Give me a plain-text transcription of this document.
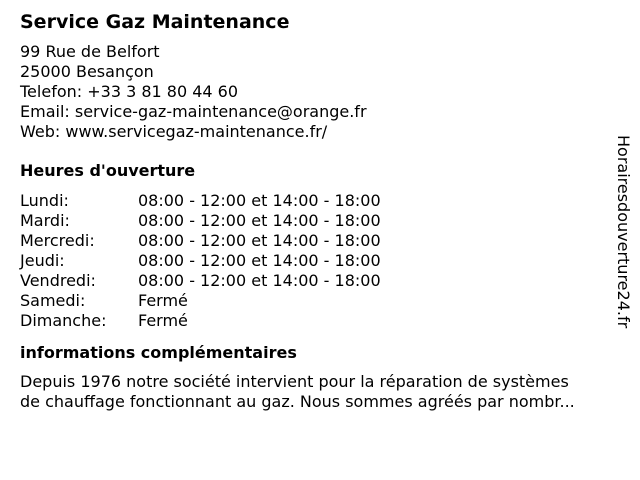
Service Gaz Maintenance
99 Rue de Belfort
25000 Besançon
Telefon: +33 3 81 80 44 60
Email: service-gaz-maintenance@orange.fr
Web: www.servicegaz-maintenance.fr/
Heures d'ouverture
Lundi:	08:00 - 12:00 et 14:00 - 18:00
Mardi:	08:00 - 12:00 et 14:00 - 18:00
Mercredi:	08:00 - 12:00 et 14:00 - 18:00
Jeudi:	08:00 - 12:00 et 14:00 - 18:00
Vendredi:	08:00 - 12:00 et 14:00 - 18:00
Samedi:	Fermé
Dimanche: Fermé
informations complémentaires
Depuis 1976 notre société intervient pour la réparation de systèmes
de chauffage fonctionnant au gaz. Nous sommes agréés par nombr...
Horairesdouverture24.fr
